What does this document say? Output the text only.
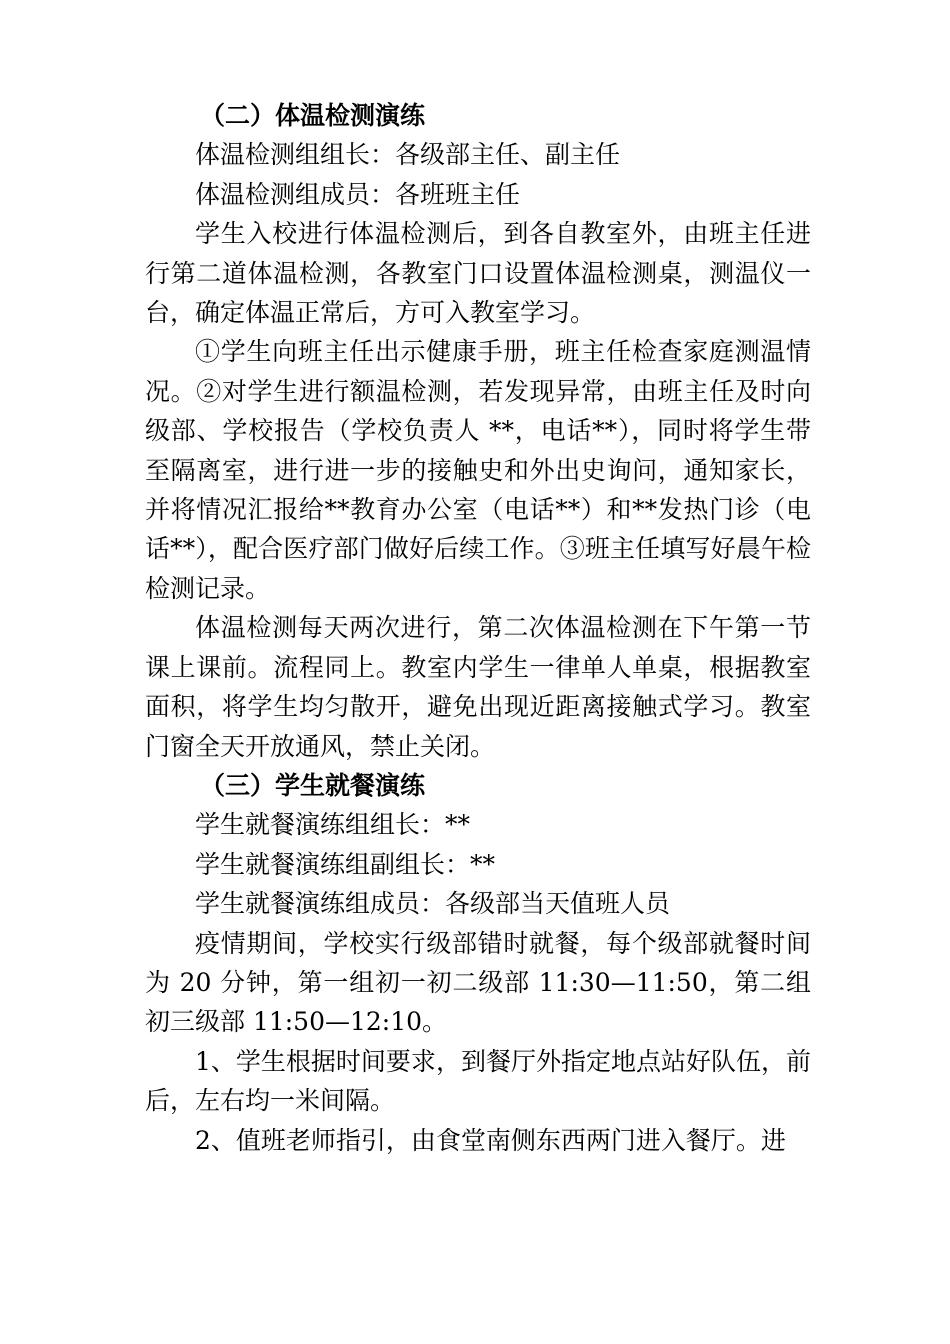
（二）体温检测演练

体温检测组组长：各级部主任、副主任

体温检测组成员：各班班主任

学生入校进行体温检测后，到各自教室外，由班主任进行第二道体温检测，各教室门口设置体温检测桌，测温仪一台，确定体温正常后，方可入教室学习。

①学生向班主任出示健康手册，班主任检查家庭测温情况。②对学生进行额温检测，若发现异常，由班主任及时向级部、学校报告（学校负责人 **，电话**），同时将学生带至隔离室，进行进一步的接触史和外出史询问，通知家长，并将情况汇报给**教育办公室（电话**）和**发热门诊（电话**），配合医疗部门做好后续工作。③班主任填写好晨午检检测记录。

体温检测每天两次进行，第二次体温检测在下午第一节课上课前。流程同上。教室内学生一律单人单桌，根据教室面积，将学生均匀散开，避免出现近距离接触式学习。教室门窗全天开放通风，禁止关闭。

（三）学生就餐演练

学生就餐演练组组长：**

学生就餐演练组副组长：**

学生就餐演练组成员：各级部当天值班人员

疫情期间，学校实行级部错时就餐，每个级部就餐时间为 20 分钟，第一组初一初二级部 11:30—11:50，第二组初三级部 11:50—12:10。

1、学生根据时间要求，到餐厅外指定地点站好队伍，前后，左右均一米间隔。

2、值班老师指引，由食堂南侧东西两门进入餐厅。进
